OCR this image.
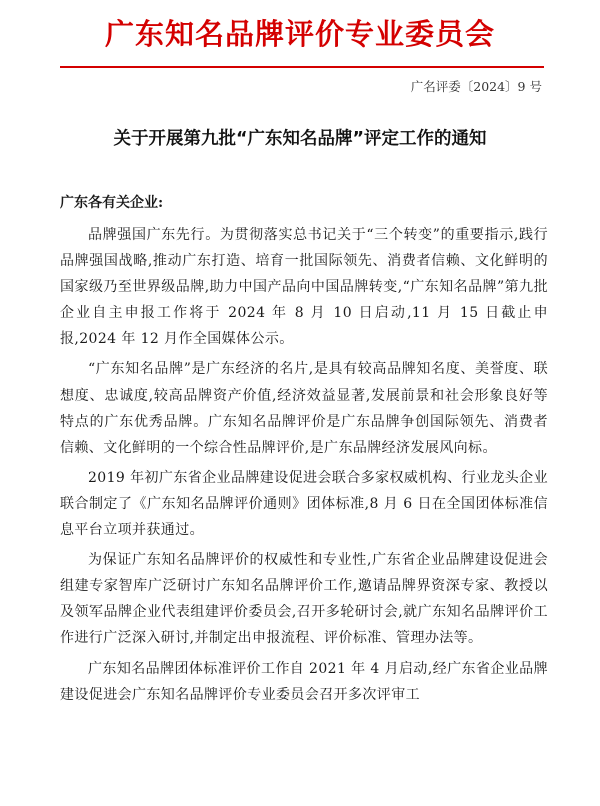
广东知名品牌评价专业委员会
广名评委〔2024〕9 号
关于开展第九批“广东知名品牌”评定工作的通知
广东各有关企业:

品牌强国广东先行。为贯彻落实总书记关于“三个转变”的重要指示,践行品牌强国战略,推动广东打造、培育一批国际领先、消费者信赖、文化鲜明的国家级乃至世界级品牌,助力中国产品向中国品牌转变,“广东知名品牌”第九批企业自主申报工作将于 2024 年 8 月 10 日启动,11 月 15 日截止申报,2024 年 12 月作全国媒体公示。

“广东知名品牌”是广东经济的名片,是具有较高品牌知名度、美誉度、联想度、忠诚度,较高品牌资产价值,经济效益显著,发展前景和社会形象良好等特点的广东优秀品牌。广东知名品牌评价是广东品牌争创国际领先、消费者信赖、文化鲜明的一个综合性品牌评价,是广东品牌经济发展风向标。

2019 年初广东省企业品牌建设促进会联合多家权威机构、行业龙头企业联合制定了《广东知名品牌评价通则》团体标准,8 月 6 日在全国团体标准信息平台立项并获通过。

为保证广东知名品牌评价的权威性和专业性,广东省企业品牌建设促进会组建专家智库广泛研讨广东知名品牌评价工作,邀请品牌界资深专家、教授以及领军品牌企业代表组建评价委员会,召开多轮研讨会,就广东知名品牌评价工作进行广泛深入研讨,并制定出申报流程、评价标准、管理办法等。

广东知名品牌团体标准评价工作自 2021 年 4 月启动,经广东省企业品牌建设促进会广东知名品牌评价专业委员会召开多次评审工
